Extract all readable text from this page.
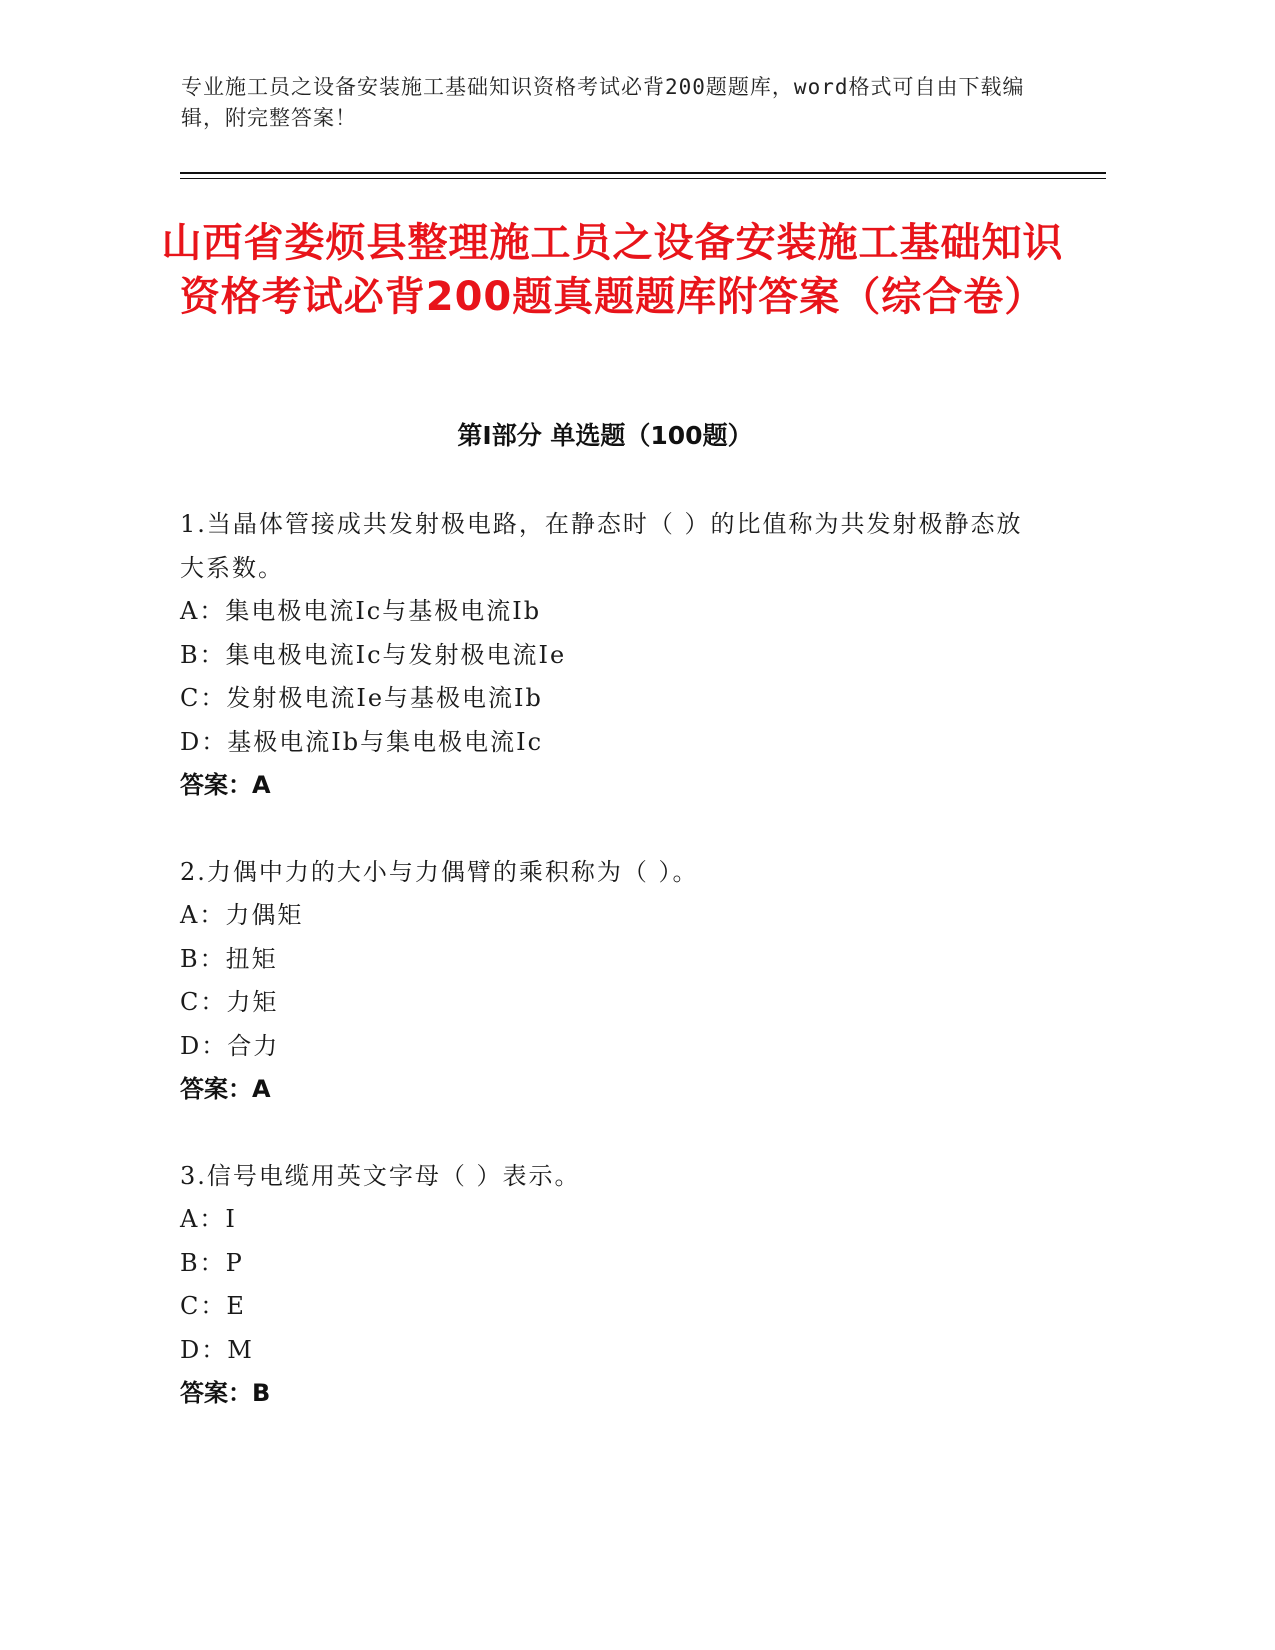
专业施工员之设备安装施工基础知识资格考试必背200题题库，word格式可自由下载编辑，附完整答案！
山西省娄烦县整理施工员之设备安装施工基础知识资格考试必背200题真题题库附答案（综合卷）
第I部分 单选题（100题）
1.当晶体管接成共发射极电路，在静态时（ ）的比值称为共发射极静态放大系数。
A：集电极电流Ic与基极电流Ib
B：集电极电流Ic与发射极电流Ie
C：发射极电流Ie与基极电流Ib
D：基极电流Ib与集电极电流Ic
答案：A
2.力偶中力的大小与力偶臂的乘积称为（ ）。
A：力偶矩
B：扭矩
C：力矩
D：合力
答案：A
3.信号电缆用英文字母（ ）表示。
A：I
B：P
C：E
D：M
答案：B
